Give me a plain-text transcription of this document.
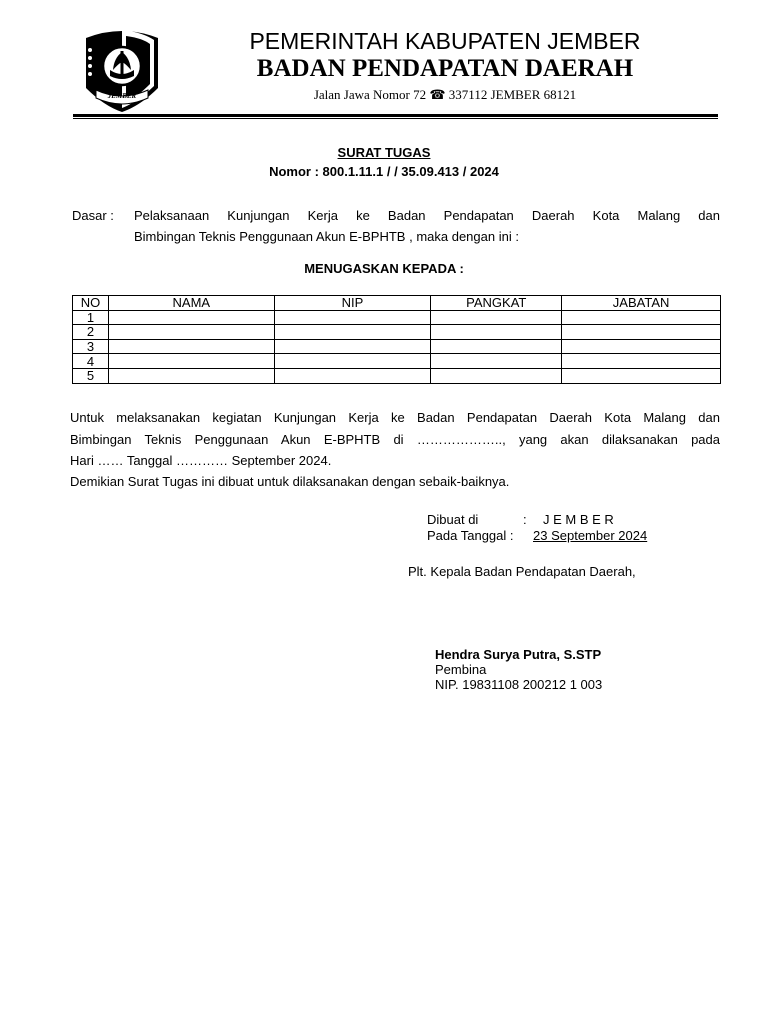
JEMBER
PEMERINTAH KABUPATEN JEMBER
BADAN PENDAPATAN DAERAH
Jalan Jawa Nomor 72 ☎ 337112 JEMBER 68121
SURAT TUGAS
Nomor : 800.1.11.1 / / 35.09.413 / 2024
Dasar : Pelaksanaan Kunjungan Kerja ke Badan Pendapatan Daerah Kota Malang dan
Bimbingan Teknis Penggunaan Akun E-BPHTB , maka dengan ini :
MENUGASKAN KEPADA :
NO	NAMA	NIP	PANGKAT	JABATAN
1				
2				
3				
4				
5				
Untuk melaksanakan kegiatan Kunjungan Kerja ke Badan Pendapatan Daerah Kota Malang dan
Bimbingan Teknis Penggunaan Akun E-BPHTB di ……………….., yang akan dilaksanakan pada
Hari …… Tanggal ………… September 2024.
Demikian Surat Tugas ini dibuat untuk dilaksanakan dengan sebaik-baiknya.
Dibuat di	: J E M B E R
Pada Tanggal : 23 September 2024
Plt. Kepala Badan Pendapatan Daerah,
Hendra Surya Putra, S.STP
Pembina
NIP. 19831108 200212 1 003
